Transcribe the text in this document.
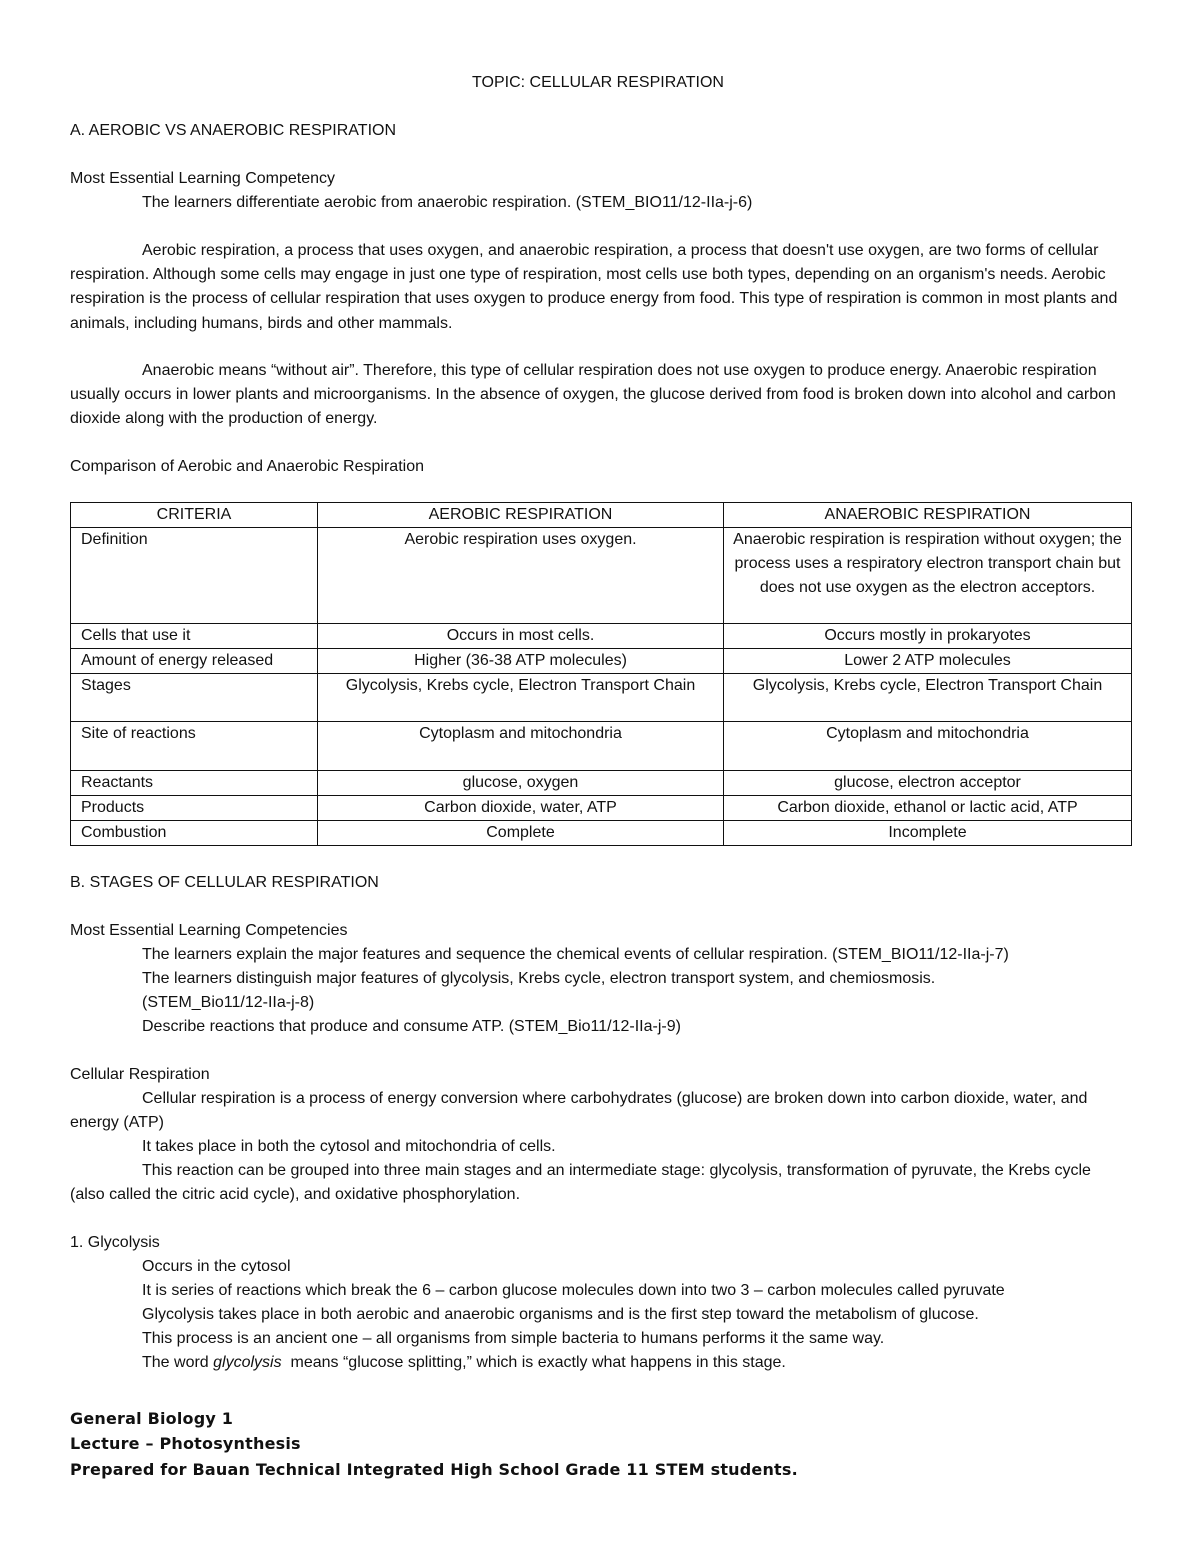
TOPIC: CELLULAR RESPIRATION
A. AEROBIC VS ANAEROBIC RESPIRATION
Most Essential Learning Competency
The learners differentiate aerobic from anaerobic respiration. (STEM_BIO11/12-IIa-j-6)
Aerobic respiration, a process that uses oxygen, and anaerobic respiration, a process that doesn't use oxygen, are two forms of cellular respiration. Although some cells may engage in just one type of respiration, most cells use both types, depending on an organism's needs. Aerobic respiration is the process of cellular respiration that uses oxygen to produce energy from food. This type of respiration is common in most plants and animals, including humans, birds and other mammals.
Anaerobic means “without air”. Therefore, this type of cellular respiration does not use oxygen to produce energy. Anaerobic respiration usually occurs in lower plants and microorganisms. In the absence of oxygen, the glucose derived from food is broken down into alcohol and carbon dioxide along with the production of energy.
Comparison of Aerobic and Anaerobic Respiration
CRITERIA	AEROBIC RESPIRATION	ANAEROBIC RESPIRATION
Definition	Aerobic respiration uses oxygen.	Anaerobic respiration is respiration without oxygen; the process uses a respiratory electron transport chain but does not use oxygen as the electron acceptors.
Cells that use it	Occurs in most cells.	Occurs mostly in prokaryotes
Amount of energy released	Higher (36-38 ATP molecules)	Lower 2 ATP molecules
Stages	Glycolysis, Krebs cycle, Electron Transport Chain	Glycolysis, Krebs cycle, Electron Transport Chain
Site of reactions	Cytoplasm and mitochondria	Cytoplasm and mitochondria
Reactants	glucose, oxygen	glucose, electron acceptor
Products	Carbon dioxide, water, ATP	Carbon dioxide, ethanol or lactic acid, ATP
Combustion	Complete	Incomplete
B. STAGES OF CELLULAR RESPIRATION
Most Essential Learning Competencies
The learners explain the major features and sequence the chemical events of cellular respiration. (STEM_BIO11/12-IIa-j-7)
The learners distinguish major features of glycolysis, Krebs cycle, electron transport system, and chemiosmosis.
(STEM_Bio11/12-IIa-j-8)
Describe reactions that produce and consume ATP. (STEM_Bio11/12-IIa-j-9)
Cellular Respiration
Cellular respiration is a process of energy conversion where carbohydrates (glucose) are broken down into carbon dioxide, water, and energy (ATP)
It takes place in both the cytosol and mitochondria of cells.
This reaction can be grouped into three main stages and an intermediate stage: glycolysis, transformation of pyruvate, the Krebs cycle (also called the citric acid cycle), and oxidative phosphorylation.
1. Glycolysis
Occurs in the cytosol
It is series of reactions which break the 6 – carbon glucose molecules down into two 3 – carbon molecules called pyruvate
Glycolysis takes place in both aerobic and anaerobic organisms and is the first step toward the metabolism of glucose.
This process is an ancient one – all organisms from simple bacteria to humans performs it the same way.
The word glycolysis  means “glucose splitting,” which is exactly what happens in this stage.
General Biology 1
Lecture – Photosynthesis
Prepared for Bauan Technical Integrated High School Grade 11 STEM students.
